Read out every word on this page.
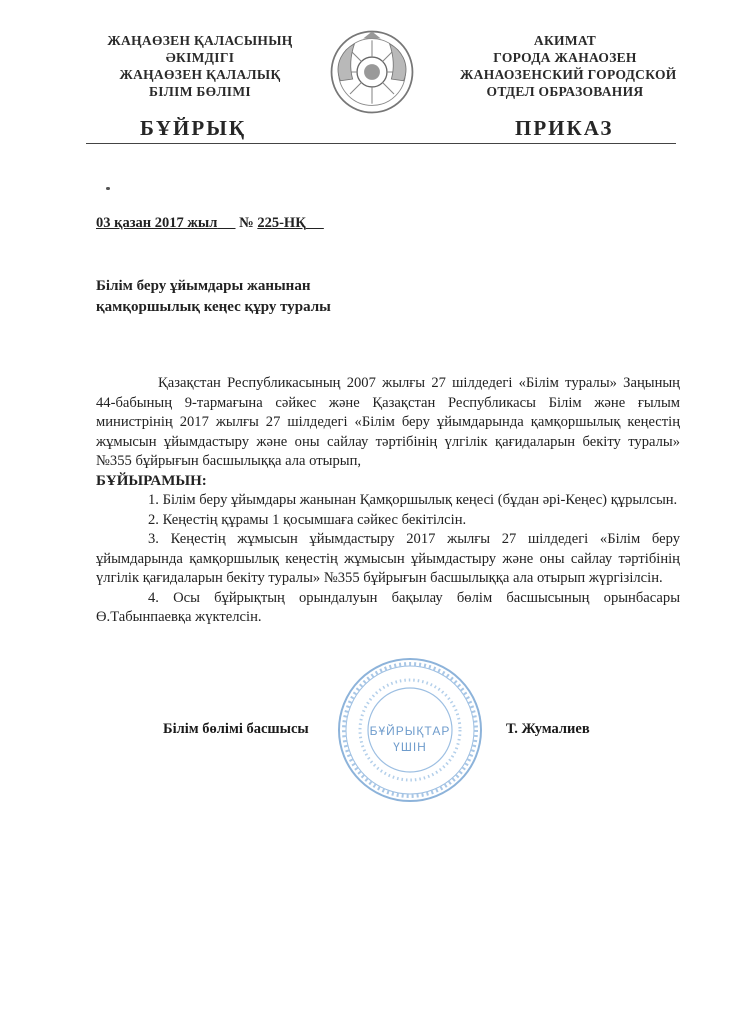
ЖАҢАӨЗЕН ҚАЛАСЫНЫҢ
ӘКІМДІГІ
ЖАҢАӨЗЕН ҚАЛАЛЫҚ
БІЛІМ БӨЛІМІ
АКИМАТ
ГОРОДА ЖАНАОЗЕН
ЖАНАОЗЕНСКИЙ ГОРОДСКОЙ
ОТДЕЛ ОБРАЗОВАНИЯ
БҰЙРЫҚ	ПРИКАЗ
03 қазан 2017 жыл № 225-НҚ
Білім беру ұйымдары жанынан
қамқоршылық кеңес құру туралы

Қазақстан Республикасының 2007 жылғы 27 шілдедегі «Білім туралы» Заңының 44-бабының 9-тармағына сәйкес және Қазақстан Республикасы Білім және ғылым министрінің 2017 жылғы 27 шілдедегі «Білім беру ұйымдарында қамқоршылық кеңестің жұмысын ұйымдастыру және оны сайлау тәртібінің үлгілік қағидаларын бекіту туралы» №355 бұйрығын басшылыққа ала отырып,

БҰЙЫРАМЫН:

1. Білім беру ұйымдары жанынан Қамқоршылық кеңесі (бұдан әрі-Кеңес) құрылсын.

2. Кеңестің құрамы 1 қосымшаға сәйкес бекітілсін.

3. Кеңестің жұмысын ұйымдастыру 2017 жылғы 27 шілдедегі «Білім беру ұйымдарында қамқоршылық кеңестің жұмысын ұйымдастыру және оны сайлау тәртібінің үлгілік қағидаларын бекіту туралы» №355 бұйрығын басшылыққа ала отырып жүргізілсін.

4. Осы бұйрықтың орындалуын бақылау бөлім басшысының орынбасары Ө.Табынпаевқа жүктелсін.

БҰЙРЫҚТАР
ҮШІН
Білім бөлімі басшысы	Т. Жумалиев
